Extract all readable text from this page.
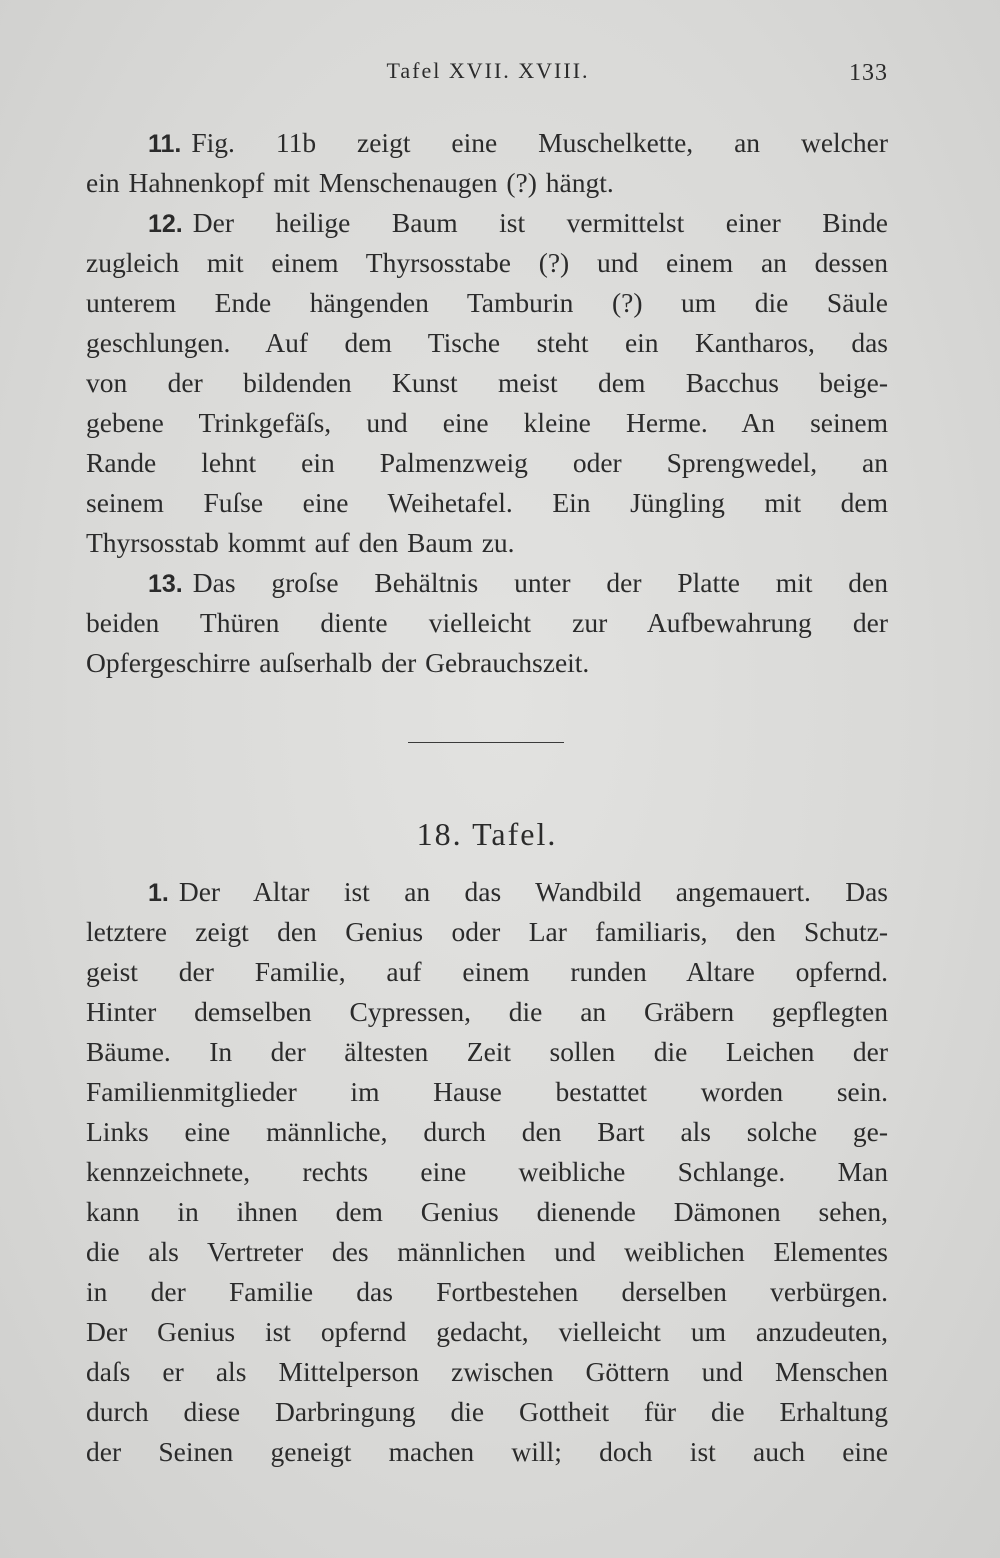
Tafel XVII. XVIII.	133
11. Fig. 11b zeigt eine Muschelkette, an welcher
ein Hahnenkopf mit Menschenaugen (?) hängt.
12. Der heilige Baum ist vermittelst einer Binde
zugleich mit einem Thyrsosstabe (?) und einem an dessen
unterem Ende hängenden Tamburin (?) um die Säule
geschlungen. Auf dem Tische steht ein Kantharos, das
von der bildenden Kunst meist dem Bacchus beige-
gebene Trinkgefäſs, und eine kleine Herme. An seinem
Rande lehnt ein Palmenzweig oder Sprengwedel, an
seinem Fuſse eine Weihetafel. Ein Jüngling mit dem
Thyrsosstab kommt auf den Baum zu.
13. Das groſse Behältnis unter der Platte mit den
beiden Thüren diente vielleicht zur Aufbewahrung der
Opfergeschirre auſserhalb der Gebrauchszeit.
18. Tafel.
1. Der Altar ist an das Wandbild angemauert. Das
letztere zeigt den Genius oder Lar familiaris, den Schutz-
geist der Familie, auf einem runden Altare opfernd.
Hinter demselben Cypressen, die an Gräbern gepflegten
Bäume. In der ältesten Zeit sollen die Leichen der
Familienmitglieder im Hause bestattet worden sein.
Links eine männliche, durch den Bart als solche ge-
kennzeichnete, rechts eine weibliche Schlange. Man
kann in ihnen dem Genius dienende Dämonen sehen,
die als Vertreter des männlichen und weiblichen Elementes
in der Familie das Fortbestehen derselben verbürgen.
Der Genius ist opfernd gedacht, vielleicht um anzudeuten,
daſs er als Mittelperson zwischen Göttern und Menschen
durch diese Darbringung die Gottheit für die Erhaltung
der Seinen geneigt machen will; doch ist auch eine
